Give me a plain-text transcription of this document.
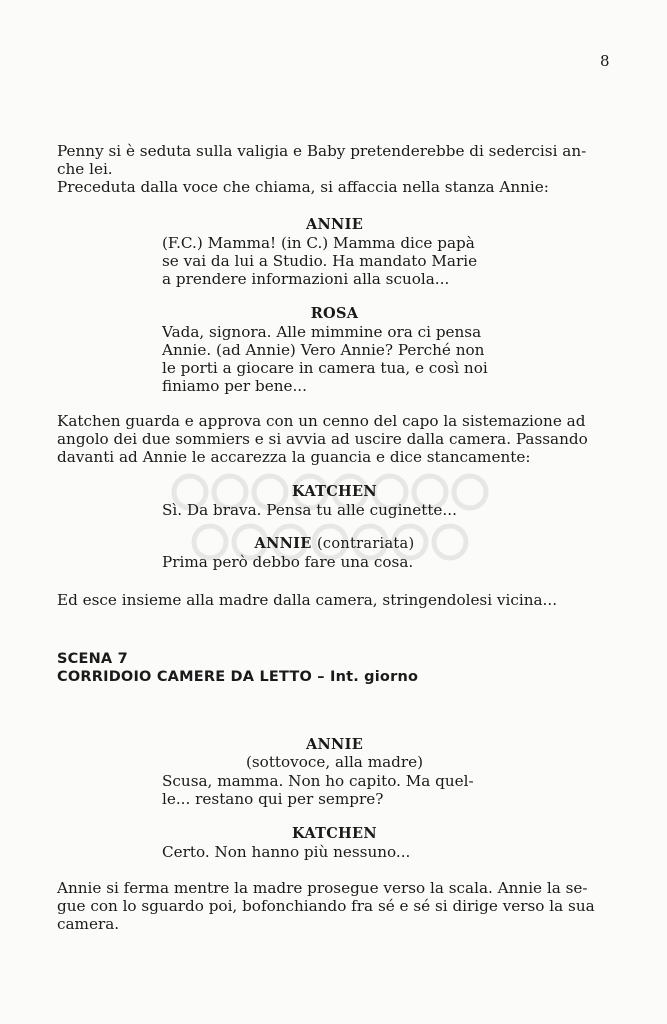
8
Penny si è seduta sulla valigia e Baby pretenderebbe di sedercisi an-
che lei.
Preceduta dalla voce che chiama, si affaccia nella stanza Annie:
ANNIE
(F.C.) Mamma! (in C.) Mamma dice papà
se vai da lui a Studio. Ha mandato Marie
a prendere informazioni alla scuola...
ROSA
Vada, signora. Alle mimmine ora ci pensa
Annie. (ad Annie) Vero Annie? Perché non
le porti a giocare in camera tua, e così noi
finiamo per bene...
Katchen guarda e approva con un cenno del capo la sistemazione ad
angolo dei due sommiers e si avvia ad uscire dalla camera. Passando
davanti ad Annie le accarezza la guancia e dice stancamente:
KATCHEN
Sì. Da brava. Pensa tu alle cuginette...
ANNIE (contrariata)
Prima però debbo fare una cosa.
Ed esce insieme alla madre dalla camera, stringendolesi vicina...
SCENA 7
CORRIDOIO CAMERE DA LETTO – Int. giorno
ANNIE
(sottovoce, alla madre)
Scusa, mamma. Non ho capito. Ma quel-
le... restano qui per sempre?
KATCHEN
Certo. Non hanno più nessuno...
Annie si ferma mentre la madre prosegue verso la scala. Annie la se-
gue con lo sguardo poi, bofonchiando fra sé e sé si dirige verso la sua
camera.
